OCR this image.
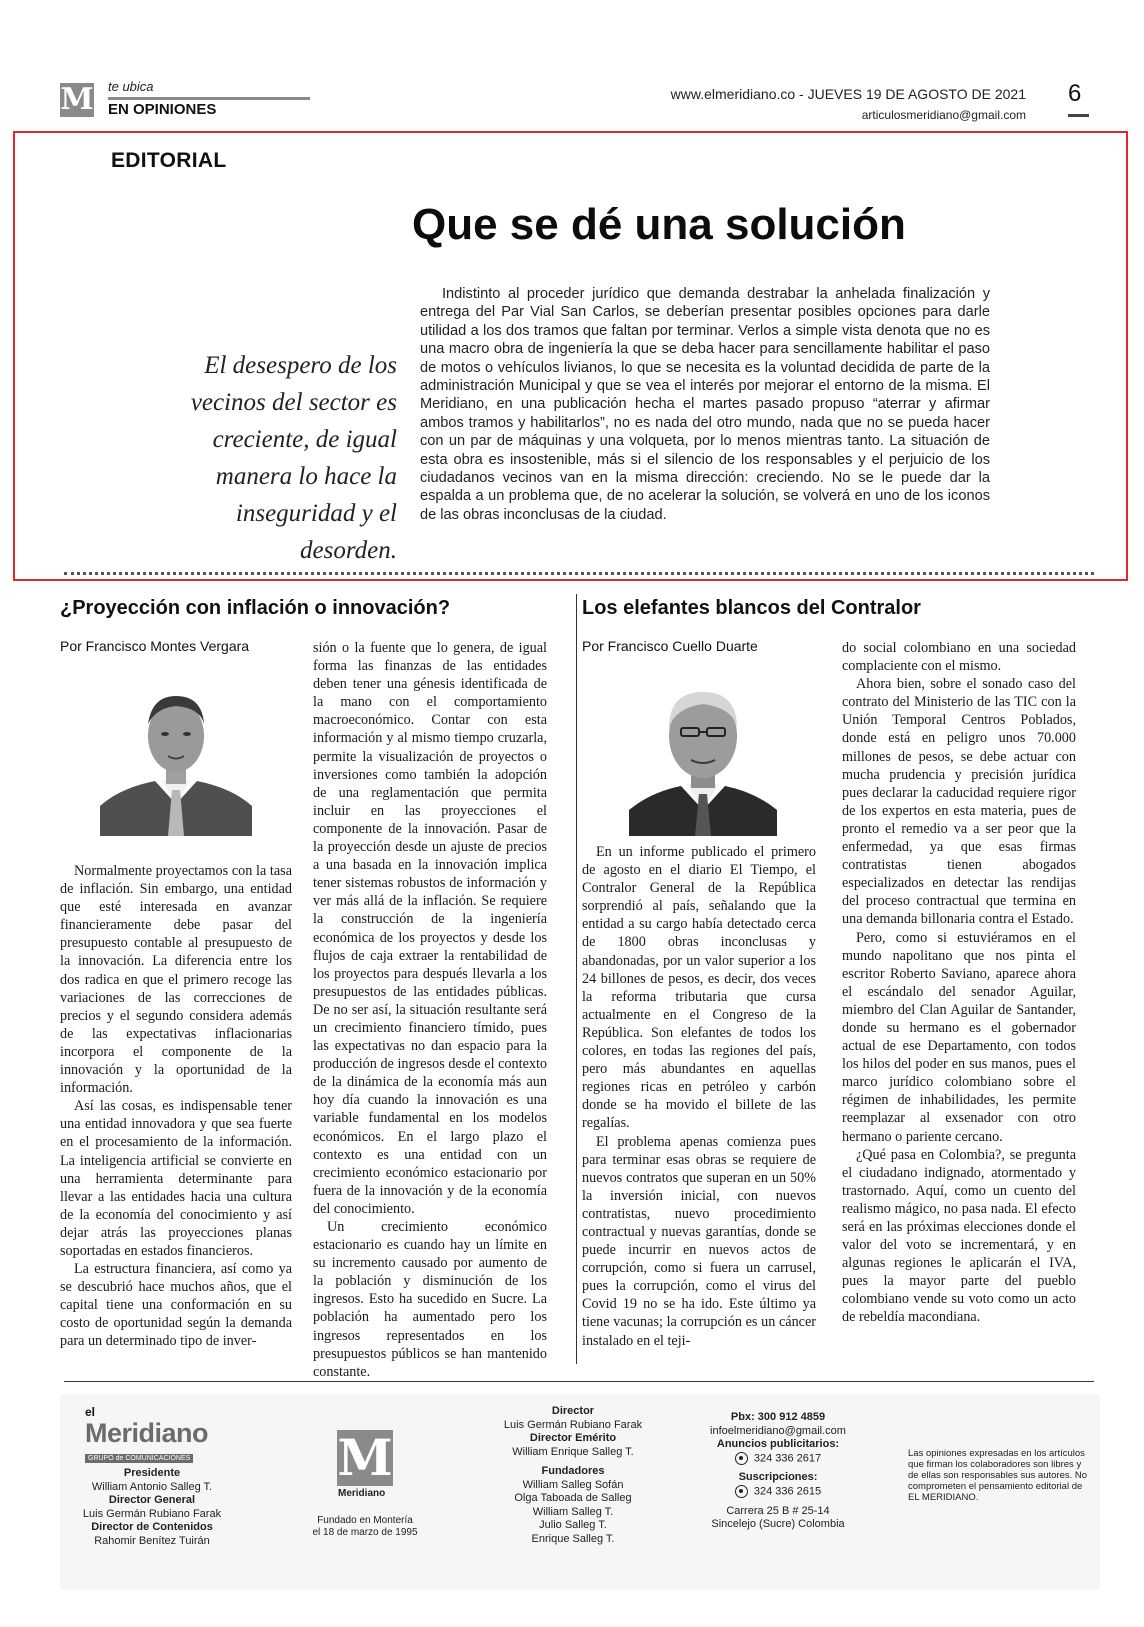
M te ubica
EN OPINIONES
www.elmeridiano.co - JUEVES 19 DE AGOSTO DE 2021
articulosmeridiano@gmail.com
6
EDITORIAL
Que se dé una solución
El desespero de los vecinos del sector es creciente, de igual manera lo hace la inseguridad y el desorden.

Indistinto al proceder jurídico que demanda destrabar la anhelada finalización y entrega del Par Vial San Carlos, se deberían presentar posibles opciones para darle utilidad a los dos tramos que faltan por terminar. Verlos a simple vista denota que no es una macro obra de ingeniería la que se deba hacer para sencillamente habilitar el paso de motos o vehículos livianos, lo que se necesita es la voluntad decidida de parte de la administración Municipal y que se vea el interés por mejorar el entorno de la misma. El Meridiano, en una publicación hecha el martes pasado propuso “aterrar y afirmar ambos tramos y habilitarlos”, no es nada del otro mundo, nada que no se pueda hacer con un par de máquinas y una volqueta, por lo menos mientras tanto. La situación de esta obra es insostenible, más si el silencio de los responsables y el perjuicio de los ciudadanos vecinos van en la misma dirección: creciendo. No se le puede dar la espalda a un problema que, de no acelerar la solución, se volverá en uno de los iconos de las obras inconclusas de la ciudad.

¿Proyección con inflación o innovación?
Por Francisco Montes Vergara

Normalmente proyectamos con la tasa de inflación. Sin embargo, una entidad que esté interesada en avanzar financieramente debe pasar del presupuesto contable al presupuesto de la innovación. La diferencia entre los dos radica en que el primero recoge las variaciones de las correcciones de precios y el segundo considera además de las expectativas inflacionarias incorpora el componente de la innovación y la oportunidad de la información.

Así las cosas, es indispensable tener una entidad innovadora y que sea fuerte en el procesamiento de la información. La inteligencia artificial se convierte en una herramienta determinante para llevar a las entidades hacia una cultura de la economía del conocimiento y así dejar atrás las proyecciones planas soportadas en estados financieros.

La estructura financiera, así como ya se descubrió hace muchos años, que el capital tiene una conformación en su costo de oportunidad según la demanda para un determinado tipo de inver-

sión o la fuente que lo genera, de igual forma las finanzas de las entidades deben tener una génesis identificada de la mano con el comportamiento macroeconómico. Contar con esta información y al mismo tiempo cruzarla, permite la visualización de proyectos o inversiones como también la adopción de una reglamentación que permita incluir en las proyecciones el componente de la innovación. Pasar de la proyección desde un ajuste de precios a una basada en la innovación implica tener sistemas robustos de información y ver más allá de la inflación. Se requiere la construcción de la ingeniería económica de los proyectos y desde los flujos de caja extraer la rentabilidad de los proyectos para después llevarla a los presupuestos de las entidades públicas. De no ser así, la situación resultante será un crecimiento financiero tímido, pues las expectativas no dan espacio para la producción de ingresos desde el contexto de la dinámica de la economía más aun hoy día cuando la innovación es una variable fundamental en los modelos económicos. En el largo plazo el contexto es una entidad con un crecimiento económico estacionario por fuera de la innovación y de la economía del conocimiento.

Un crecimiento económico estacionario es cuando hay un límite en su incremento causado por aumento de la población y disminución de los ingresos. Esto ha sucedido en Sucre. La población ha aumentado pero los ingresos representados en los presupuestos públicos se han mantenido constante.

Los elefantes blancos del Contralor
Por Francisco Cuello Duarte

En un informe publicado el primero de agosto en el diario El Tiempo, el Contralor General de la República sorprendió al país, señalando que la entidad a su cargo había detectado cerca de 1800 obras inconclusas y abandonadas, por un valor superior a los 24 billones de pesos, es decir, dos veces la reforma tributaria que cursa actualmente en el Congreso de la República. Son elefantes de todos los colores, en todas las regiones del país, pero más abundantes en aquellas regiones ricas en petróleo y carbón donde se ha movido el billete de las regalías.

El problema apenas comienza pues para terminar esas obras se requiere de nuevos contratos que superan en un 50% la inversión inicial, con nuevos contratistas, nuevo procedimiento contractual y nuevas garantías, donde se puede incurrir en nuevos actos de corrupción, como si fuera un carrusel, pues la corrupción, como el virus del Covid 19 no se ha ido. Este último ya tiene vacunas; la corrupción es un cáncer instalado en el teji-

do social colombiano en una sociedad complaciente con el mismo.

Ahora bien, sobre el sonado caso del contrato del Ministerio de las TIC con la Unión Temporal Centros Poblados, donde está en peligro unos 70.000 millones de pesos, se debe actuar con mucha prudencia y precisión jurídica pues declarar la caducidad requiere rigor de los expertos en esta materia, pues de pronto el remedio va a ser peor que la enfermedad, ya que esas firmas contratistas tienen abogados especializados en detectar las rendijas del proceso contractual que termina en una demanda billonaria contra el Estado.

Pero, como si estuviéramos en el mundo napolitano que nos pinta el escritor Roberto Saviano, aparece ahora el escándalo del senador Aguilar, miembro del Clan Aguilar de Santander, donde su hermano es el gobernador actual de ese Departamento, con todos los hilos del poder en sus manos, pues el marco jurídico colombiano sobre el régimen de inhabilidades, les permite reemplazar al exsenador con otro hermano o pariente cercano.

¿Qué pasa en Colombia?, se pregunta el ciudadano indignado, atormentado y trastornado. Aquí, como un cuento del realismo mágico, no pasa nada. El efecto será en las próximas elecciones donde el valor del voto se incrementará, y en algunas regiones le aplicarán el IVA, pues la mayor parte del pueblo colombiano vende su voto como un acto de rebeldía macondiana.

el
Meridiano
GRUPO de COMUNICACIONES
Presidente
William Antonio Salleg T.
Director General
Luis Germán Rubiano Farak
Director de Contenidos
Rahomir Benítez Tuirán
M
Meridiano
Fundado en Montería
el 18 de marzo de 1995
Director
Luis Germán Rubiano Farak
Director Emérito
William Enrique Salleg T.
Fundadores
William Salleg Sofán
Olga Taboada de Salleg
William Salleg T.
Julio Salleg T.
Enrique Salleg T.
Pbx: 300 912 4859
infoelmeridiano@gmail.com
Anuncios publicitarios:
324 336 2617
Suscripciones:
324 336 2615
Carrera 25 B # 25-14
Sincelejo (Sucre) Colombia
Las opiniones expresadas en los artículos que firman los colaboradores son libres y de ellas son responsables sus autores. No comprometen el pensamiento editorial de EL MERIDIANO.
